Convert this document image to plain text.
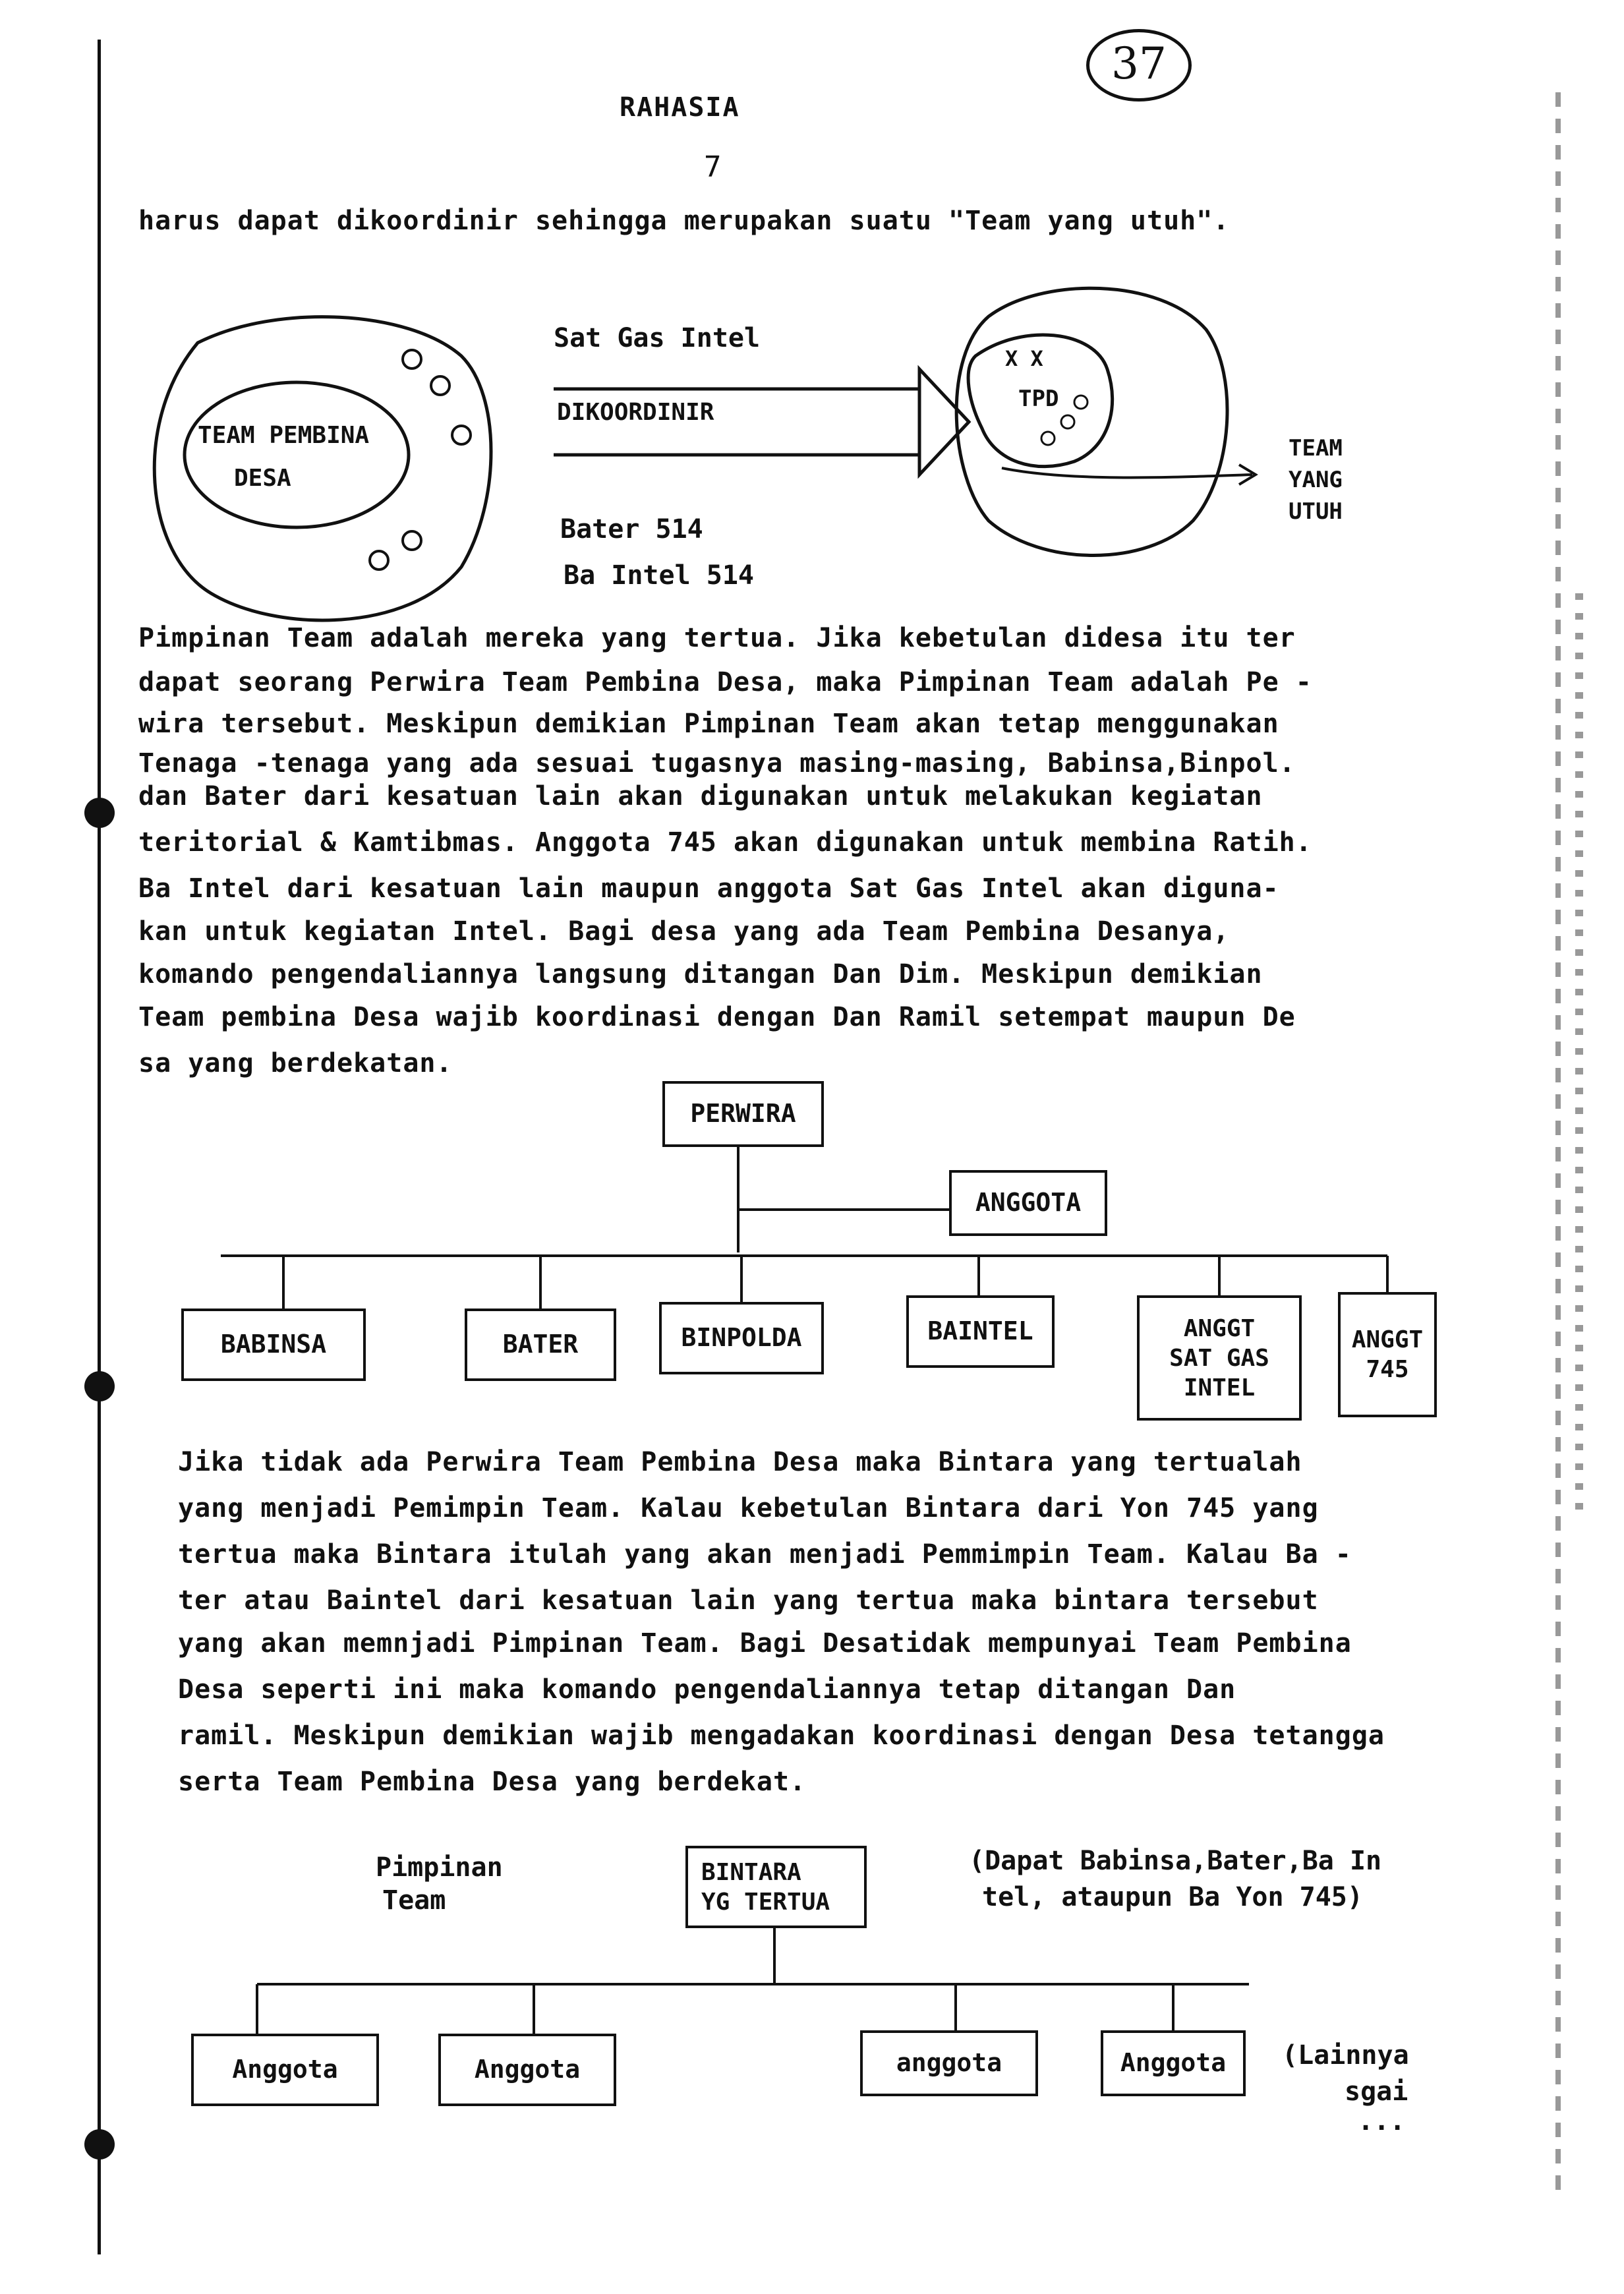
37
RAHASIA
7
harus dapat dikoordinir sehingga merupakan suatu "Team yang utuh".
TEAM PEMBINA
DESA
Sat Gas Intel
DIKOORDINIR
Bater 514
Ba Intel 514
X X
TPD
TEAM
YANG
UTUH
Pimpinan Team adalah mereka yang tertua. Jika kebetulan didesa itu ter
dapat seorang Perwira Team Pembina Desa, maka Pimpinan Team adalah Pe -
wira tersebut. Meskipun demikian Pimpinan Team akan tetap menggunakan
Tenaga -tenaga yang ada sesuai tugasnya masing-masing, Babinsa,Binpol.
dan Bater dari kesatuan lain akan digunakan untuk melakukan kegiatan
teritorial & Kamtibmas. Anggota 745 akan digunakan untuk membina Ratih.
Ba Intel dari kesatuan lain maupun anggota Sat Gas Intel akan diguna-
kan untuk kegiatan Intel. Bagi desa yang ada Team Pembina Desanya,
komando pengendaliannya langsung ditangan Dan Dim. Meskipun demikian
Team pembina Desa wajib koordinasi dengan Dan Ramil setempat maupun De
sa yang berdekatan.
PERWIRA
ANGGOTA
BABINSA	BATER	BINPOLDA	BAINTEL	ANGGT
SAT GAS
INTEL
ANGGT
745
Jika tidak ada Perwira Team Pembina Desa maka Bintara yang tertualah
yang menjadi Pemimpin Team. Kalau kebetulan Bintara dari Yon 745 yang
tertua maka Bintara itulah yang akan menjadi Pemmimpin Team. Kalau Ba -
ter atau Baintel dari kesatuan lain yang tertua maka bintara tersebut
yang akan memnjadi Pimpinan Team. Bagi Desatidak mempunyai Team Pembina
Desa seperti ini maka komando pengendaliannya tetap ditangan Dan
ramil. Meskipun demikian wajib mengadakan koordinasi dengan Desa tetangga
serta Team Pembina Desa yang berdekat.
Pimpinan
Team
BINTARA
YG TERTUA
(Dapat Babinsa,Bater,Ba In
tel, ataupun Ba Yon 745)
Anggota	Anggota	anggota	Anggota	(Lainnya
sgai
...
